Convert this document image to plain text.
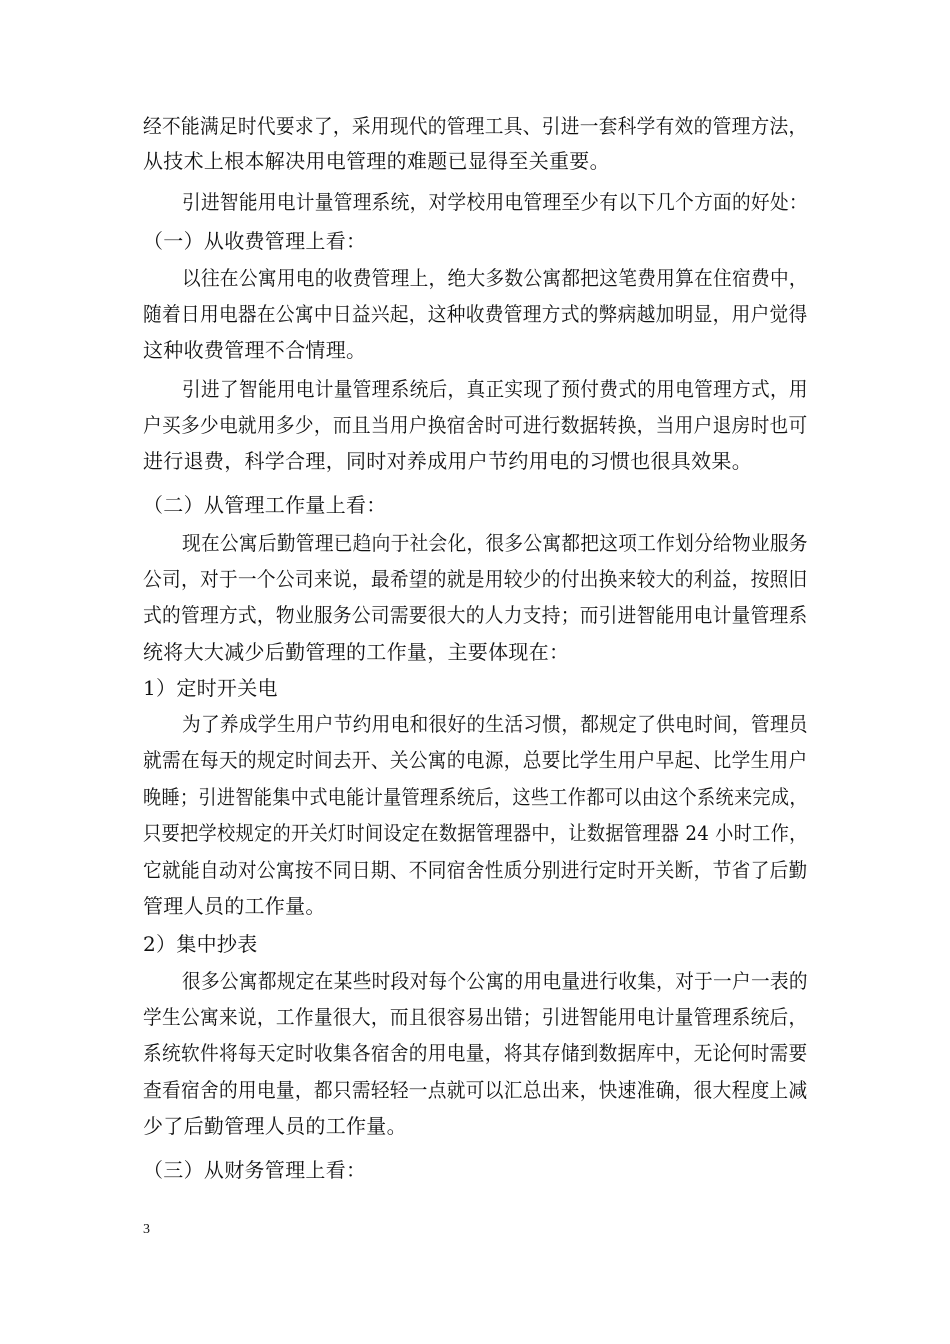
经不能满足时代要求了，采用现代的管理工具、引进一套科学有效的管理方法，
从技术上根本解决用电管理的难题已显得至关重要。
引进智能用电计量管理系统，对学校用电管理至少有以下几个方面的好处：
（一）从收费管理上看：
以往在公寓用电的收费管理上，绝大多数公寓都把这笔费用算在住宿费中，
随着日用电器在公寓中日益兴起，这种收费管理方式的弊病越加明显，用户觉得
这种收费管理不合情理。
引进了智能用电计量管理系统后，真正实现了预付费式的用电管理方式，用
户买多少电就用多少，而且当用户换宿舍时可进行数据转换，当用户退房时也可
进行退费，科学合理，同时对养成用户节约用电的习惯也很具效果。
（二）从管理工作量上看：
现在公寓后勤管理已趋向于社会化，很多公寓都把这项工作划分给物业服务
公司，对于一个公司来说，最希望的就是用较少的付出换来较大的利益，按照旧
式的管理方式，物业服务公司需要很大的人力支持；而引进智能用电计量管理系
统将大大减少后勤管理的工作量，主要体现在：
1）定时开关电
为了养成学生用户节约用电和很好的生活习惯，都规定了供电时间，管理员
就需在每天的规定时间去开、关公寓的电源，总要比学生用户早起、比学生用户
晚睡；引进智能集中式电能计量管理系统后，这些工作都可以由这个系统来完成，
只要把学校规定的开关灯时间设定在数据管理器中，让数据管理器 24 小时工作，
它就能自动对公寓按不同日期、不同宿舍性质分别进行定时开关断，节省了后勤
管理人员的工作量。
2）集中抄表
很多公寓都规定在某些时段对每个公寓的用电量进行收集，对于一户一表的
学生公寓来说，工作量很大，而且很容易出错；引进智能用电计量管理系统后，
系统软件将每天定时收集各宿舍的用电量，将其存储到数据库中，无论何时需要
查看宿舍的用电量，都只需轻轻一点就可以汇总出来，快速准确，很大程度上减
少了后勤管理人员的工作量。
（三）从财务管理上看：
3
